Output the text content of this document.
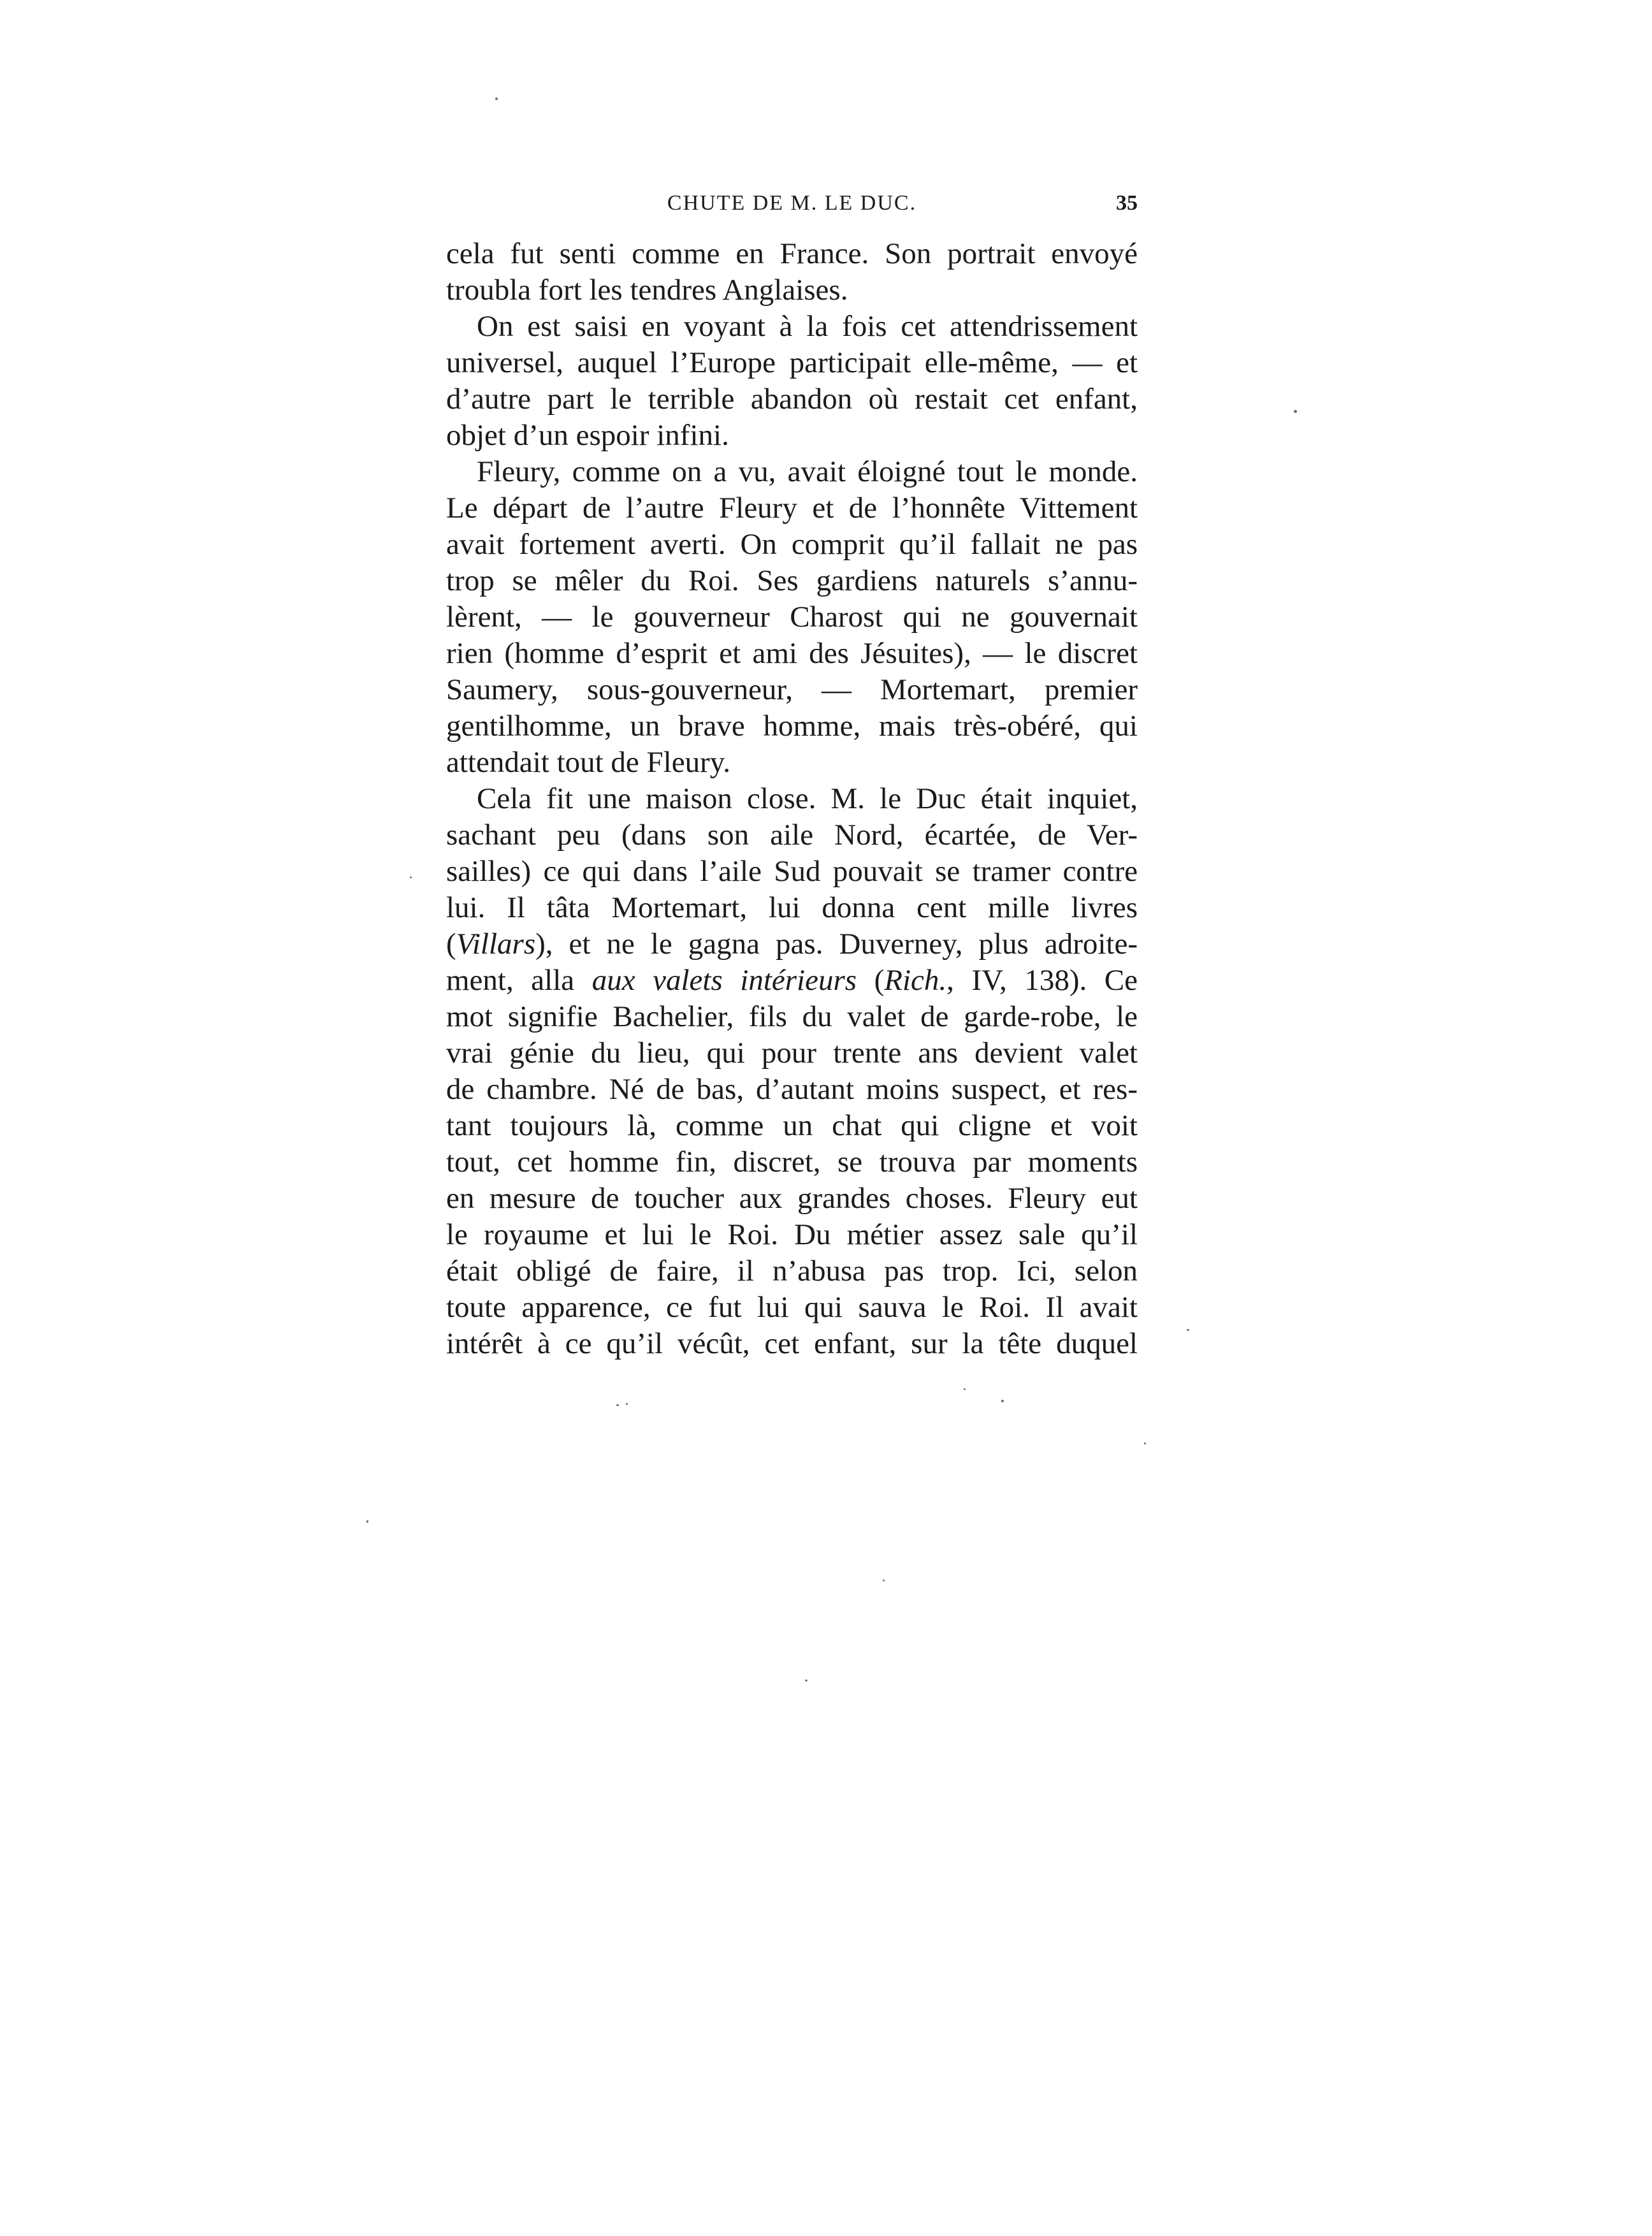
CHUTE DE M. LE DUC.	35
cela fut senti comme en France. Son portrait envoyé
troubla fort les tendres Anglaises.
On est saisi en voyant à la fois cet attendrissement
universel, auquel l’Europe participait elle-même, — et
d’autre part le terrible abandon où restait cet enfant,
objet d’un espoir infini.
Fleury, comme on a vu, avait éloigné tout le monde.
Le départ de l’autre Fleury et de l’honnête Vittement
avait fortement averti. On comprit qu’il fallait ne pas
trop se mêler du Roi. Ses gardiens naturels s’annu-
lèrent, — le gouverneur Charost qui ne gouvernait
rien (homme d’esprit et ami des Jésuites), — le discret
Saumery, sous-gouverneur, — Mortemart, premier
gentilhomme, un brave homme, mais très-obéré, qui
attendait tout de Fleury.
Cela fit une maison close. M. le Duc était inquiet,
sachant peu (dans son aile Nord, écartée, de Ver-
sailles) ce qui dans l’aile Sud pouvait se tramer contre
lui. Il tâta Mortemart, lui donna cent mille livres
(Villars), et ne le gagna pas. Duverney, plus adroite-
ment, alla aux valets intérieurs (Rich., IV, 138). Ce
mot signifie Bachelier, fils du valet de garde-robe, le
vrai génie du lieu, qui pour trente ans devient valet
de chambre. Né de bas, d’autant moins suspect, et res-
tant toujours là, comme un chat qui cligne et voit
tout, cet homme fin, discret, se trouva par moments
en mesure de toucher aux grandes choses. Fleury eut
le royaume et lui le Roi. Du métier assez sale qu’il
était obligé de faire, il n’abusa pas trop. Ici, selon
toute apparence, ce fut lui qui sauva le Roi. Il avait
intérêt à ce qu’il vécût, cet enfant, sur la tête duquel
